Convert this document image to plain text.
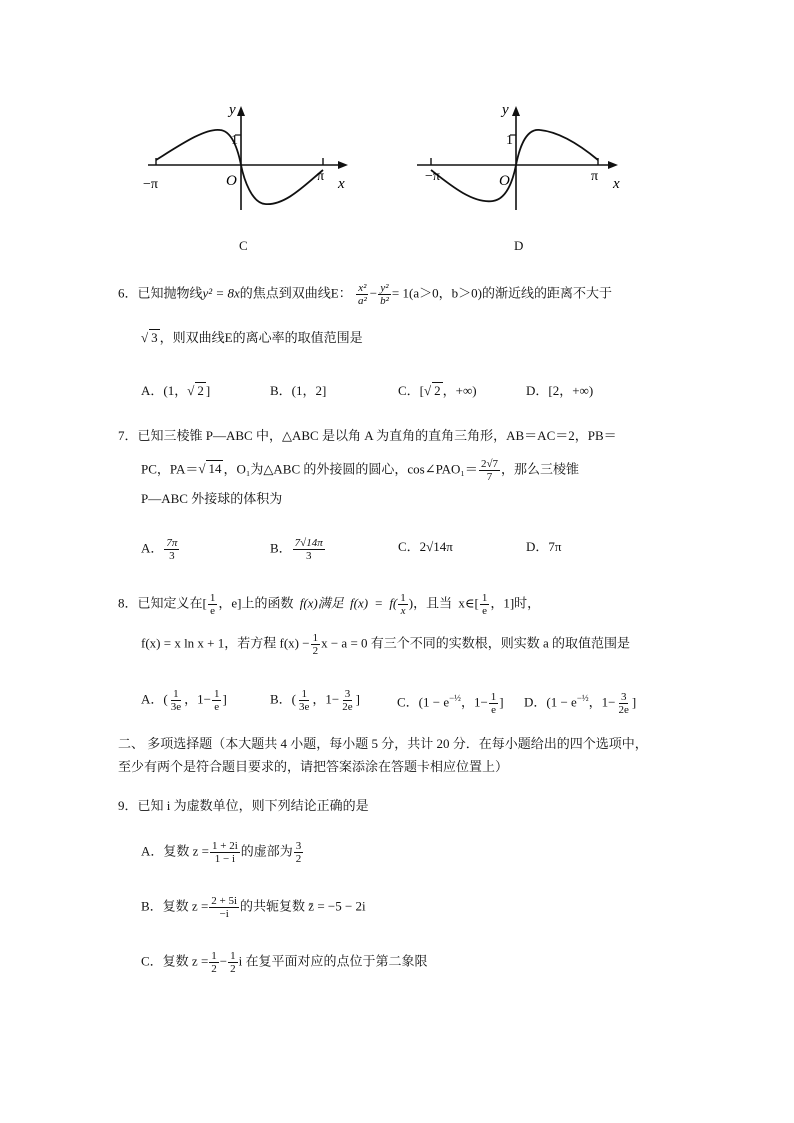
y
1
O
−π
π x
C
y
1
O
−π	π x
D
6．已知抛物线y² = 8x的焦点到双曲线E： $\frac{\text{x²}}{\text{a²}} - \frac{\text{y²}}{\text{b²}} = 1(a>0$，b＞0)的渐近线的距离不大于
√ 3 ，则双曲线E的离心率的取值范围是
A．(1， √ 2 ]	B．(1，2]	C．[ √ 2 ，+∞)	D．[2，+∞)
7．已知三棱锥 P—ABC 中，△ABC 是以角 A 为直角的直角三角形，AB＝AC＝2，PB＝
PC，PA＝ √ 14 ，O₁为△ABC 的外接圆的圆心，cos∠PAO₁＝ $\frac{2√7}{7}$ ，那么三棱锥
P—ABC 外接球的体积为
A． $\frac{7\pi}{3}$	B． $\frac{7√14\pi}{3}$	C．2√14π	D．7π
8．已知定义在[ $\frac{1}{e}$ ，e]上的函数 f(x)满足 $f(x) = f( \frac{1}{x}$ )，且当 x∈[ $\frac{1}{e}$ ，1]时，
f(x) = x ln x + 1，若方程 $f(x) - \frac{1}{2}$ x − a = 0 有三个不同的实数根，则实数 a 的取值范围是
A．( $\frac{1}{3e}$ ，$1- \frac{1}{e}$ ]	B．( $\frac{1}{3e}$ ，$1- \frac{3}{2e}$ ]	C．($1 - e^{-\frac{1}{2}}$，$1- \frac{1}{e}$ ] D．($1 - e^{-\frac{1}{2}}$，$1- \frac{3}{2e}$ ]
二、 多项选择题（本大题共 4 小题，每小题 5 分，共计 20 分．在每小题给出的四个选项中，
至少有两个是符合题目要求的，请把答案添涂在答题卡相应位置上）
9．已知 i 为虚数单位，则下列结论正确的是
A．复数 $z = \frac{1 + 2i}{1 - i}$ 的虚部为 $\frac{3}{2}$
B．复数 $z = \frac{2 + 5i}{-i}$ 的共轭复数 z̄ = −5 − 2i
C．复数 $z = \frac{1}{2} - \frac{1}{2}$ i 在复平面对应的点位于第二象限
